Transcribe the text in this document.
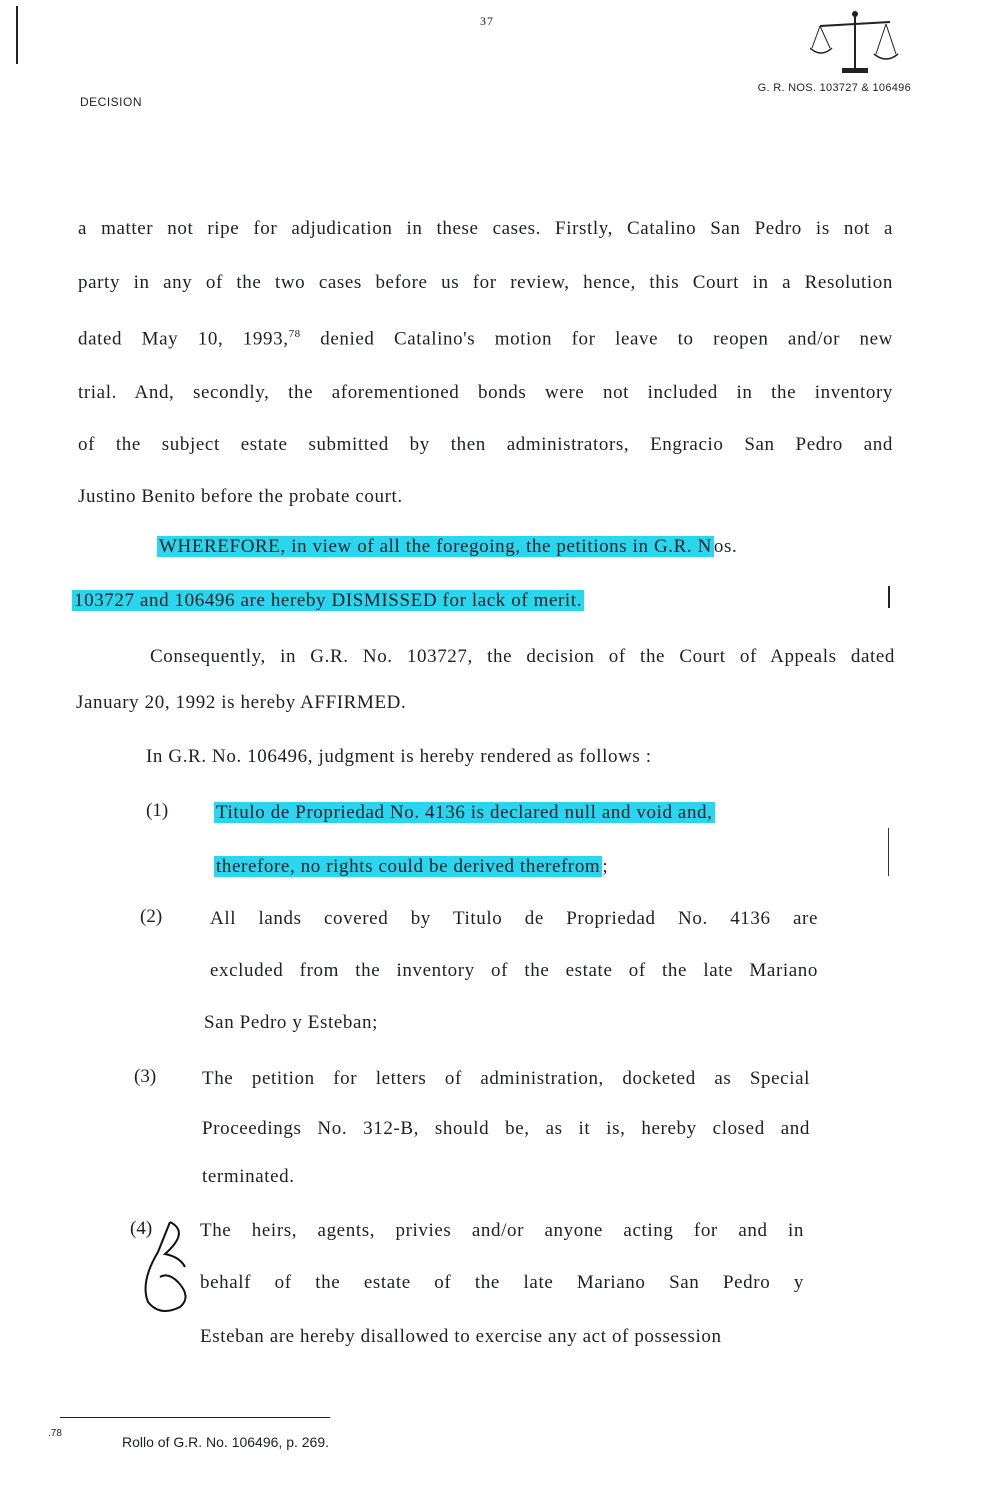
37
DECISION
G. R. NOS. 103727 & 106496
a matter not ripe for adjudication in these cases. Firstly, Catalino San Pedro is not a
party in any of the two cases before us for review, hence, this Court in a Resolution
dated May 10, 1993,78 denied Catalino's motion for leave to reopen and/or new
trial. And, secondly, the aforementioned bonds were not included in the inventory
of the subject estate submitted by then administrators, Engracio San Pedro and
Justino Benito before the probate court.
WHEREFORE, in view of all the foregoing, the petitions in G.R. N os.
103727 and 106496 are hereby DISMISSED for lack of merit.
Consequently, in G.R. No. 103727, the decision of the Court of Appeals dated
January 20, 1992 is hereby AFFIRMED.
In G.R. No. 106496, judgment is hereby rendered as follows :
(1)	Titulo de Propriedad No. 4136 is declared null and void and,
therefore, no rights could be derived therefrom ;
(2)	All lands covered by Titulo de Propriedad No. 4136 are
excluded from the inventory of the estate of the late Mariano
San Pedro y Esteban;
(3) The petition for letters of administration, docketed as Special
Proceedings No. 312-B, should be, as it is, hereby closed and
terminated.
(4)	The heirs, agents, privies and/or anyone acting for and in
behalf of the estate of the late Mariano San Pedro y
Esteban are hereby disallowed to exercise any act of possession
.78
Rollo of G.R. No. 106496, p. 269.
